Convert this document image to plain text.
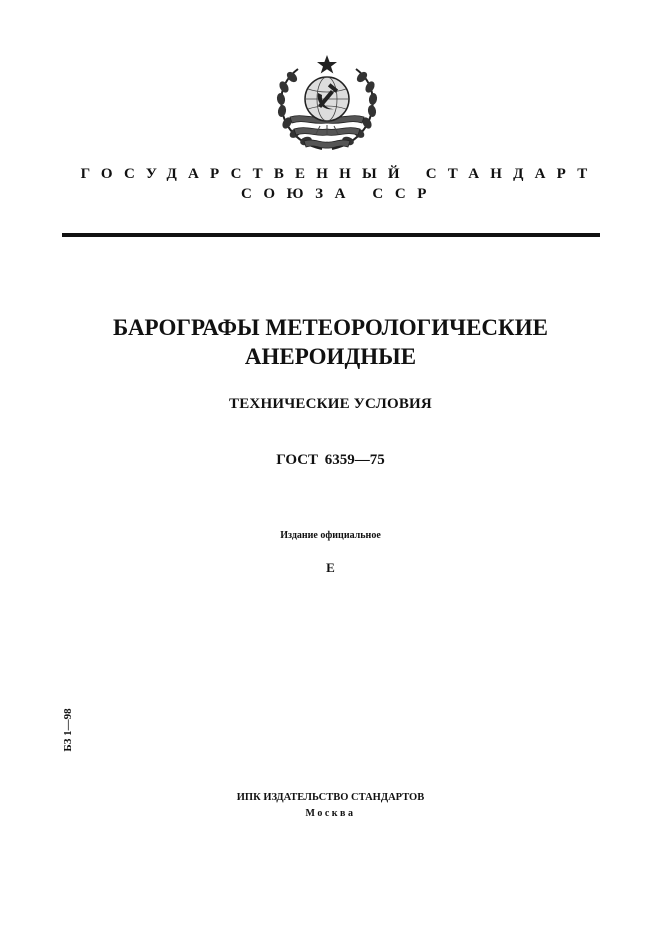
ГОСУДАРСТВЕННЫЙ СТАНДАРТ
СОЮЗА ССР
БАРОГРАФЫ МЕТЕОРОЛОГИЧЕСКИЕ
АНЕРОИДНЫЕ
ТЕХНИЧЕСКИЕ УСЛОВИЯ
ГОСТ 6359—75
Издание официальное
Е
БЗ 1—98
ИПК ИЗДАТЕЛЬСТВО СТАНДАРТОВ
Москва
